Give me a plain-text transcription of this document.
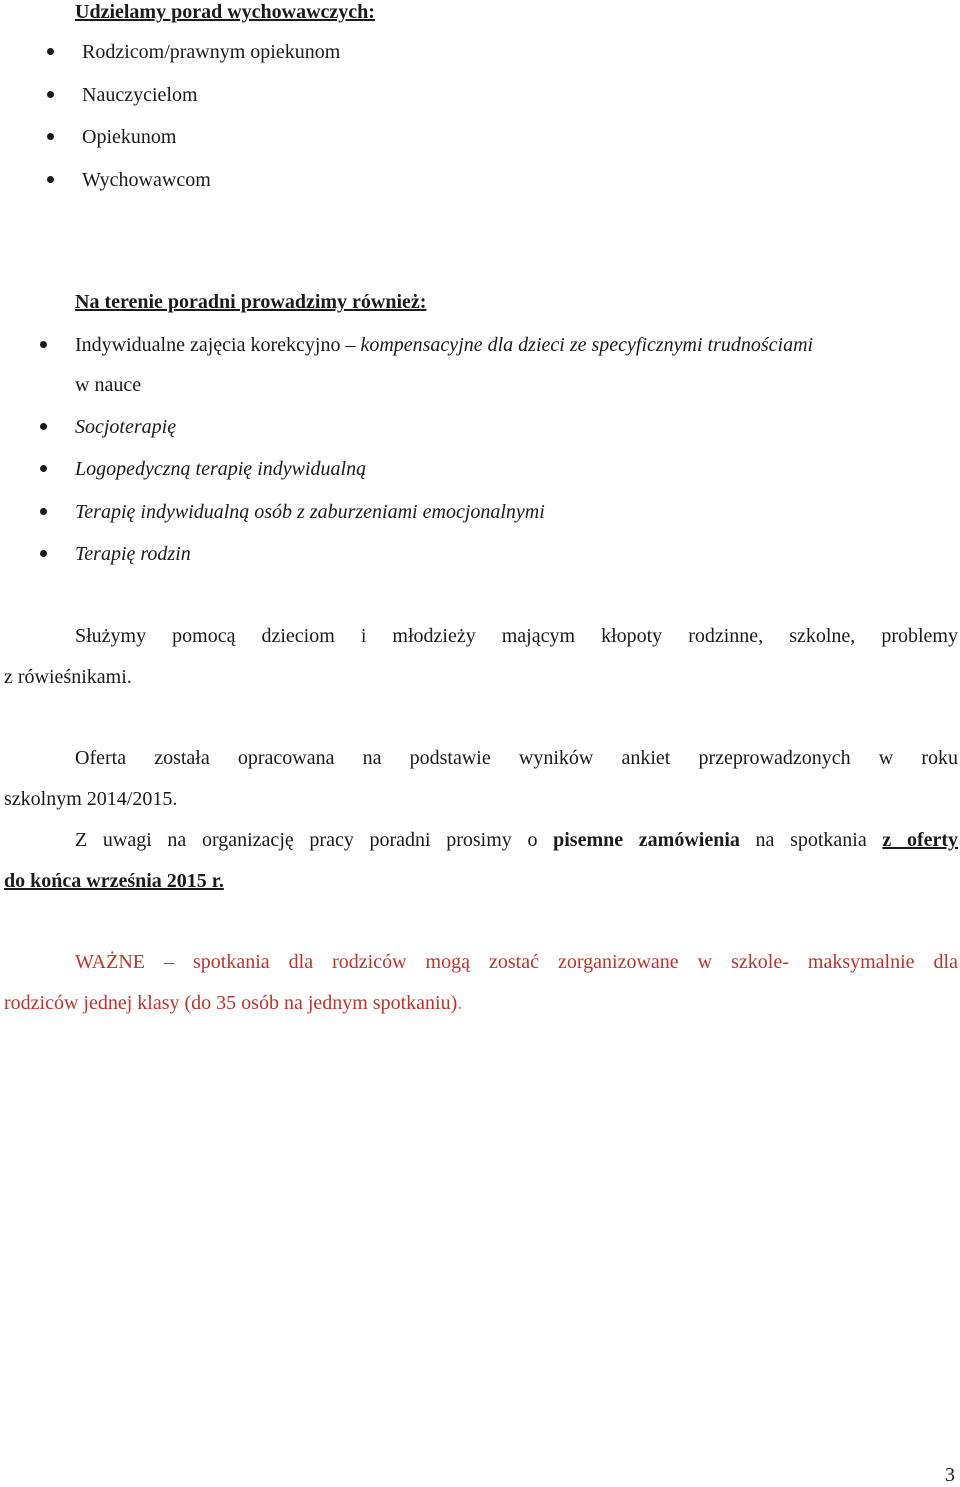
Udzielamy porad wychowawczych:
Rodzicom/prawnym opiekunom
Nauczycielom
Opiekunom
Wychowawcom
Na terenie poradni prowadzimy również:
Indywidualne zajęcia korekcyjno – kompensacyjne dla dzieci ze specyficznymi trudnościami
w nauce
Socjoterapię
Logopedyczną terapię indywidualną
Terapię indywidualną osób z zaburzeniami emocjonalnymi
Terapię rodzin
Służymy pomocą dzieciom i młodzieży mającym kłopoty rodzinne, szkolne, problemy
z rówieśnikami.
Oferta została opracowana na podstawie wyników ankiet przeprowadzonych w roku
szkolnym 2014/2015.
Z uwagi na organizację pracy poradni prosimy o pisemne zamówienia na spotkania z oferty
do końca września 2015 r.
WAŻNE – spotkania dla rodziców mogą zostać zorganizowane w szkole- maksymalnie dla
rodziców jednej klasy (do 35 osób na jednym spotkaniu).
3
